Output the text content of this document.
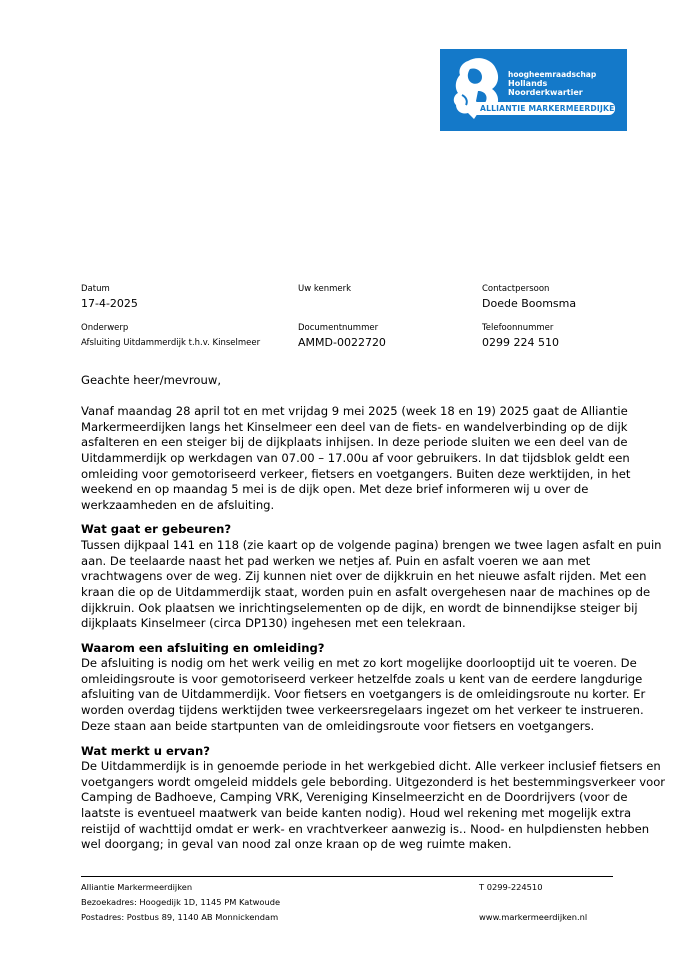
hoogheemraadschap
Hollands
Noorderkwartier
ALLIANTIE MARKERMEERDIJKEN
Datum
17-4-2025
Uw kenmerk	Contactpersoon
Doede Boomsma
Onderwerp
Afsluiting Uitdammerdijk t.h.v. Kinselmeer
Documentnummer
AMMD-0022720
Telefoonnummer
0299 224 510
Geachte heer/mevrouw,
Vanaf maandag 28 april tot en met vrijdag 9 mei 2025 (week 18 en 19) 2025 gaat de Alliantie
Markermeerdijken langs het Kinselmeer een deel van de fiets- en wandelverbinding op de dijk
asfalteren en een steiger bij de dijkplaats inhijsen. In deze periode sluiten we een deel van de
Uitdammerdijk op werkdagen van 07.00 – 17.00u af voor gebruikers. In dat tijdsblok geldt een
omleiding voor gemotoriseerd verkeer, fietsers en voetgangers. Buiten deze werktijden, in het
weekend en op maandag 5 mei is de dijk open. Met deze brief informeren wij u over de
werkzaamheden en de afsluiting.
Wat gaat er gebeuren?
Tussen dijkpaal 141 en 118 (zie kaart op de volgende pagina) brengen we twee lagen asfalt en puin
aan. De teelaarde naast het pad werken we netjes af. Puin en asfalt voeren we aan met
vrachtwagens over de weg. Zij kunnen niet over de dijkkruin en het nieuwe asfalt rijden. Met een
kraan die op de Uitdammerdijk staat, worden puin en asfalt overgehesen naar de machines op de
dijkkruin. Ook plaatsen we inrichtingselementen op de dijk, en wordt de binnendijkse steiger bij
dijkplaats Kinselmeer (circa DP130) ingehesen met een telekraan.
Waarom een afsluiting en omleiding?
De afsluiting is nodig om het werk veilig en met zo kort mogelijke doorlooptijd uit te voeren. De
omleidingsroute is voor gemotoriseerd verkeer hetzelfde zoals u kent van de eerdere langdurige
afsluiting van de Uitdammerdijk. Voor fietsers en voetgangers is de omleidingsroute nu korter. Er
worden overdag tijdens werktijden twee verkeersregelaars ingezet om het verkeer te instrueren.
Deze staan aan beide startpunten van de omleidingsroute voor fietsers en voetgangers.
Wat merkt u ervan?
De Uitdammerdijk is in genoemde periode in het werkgebied dicht. Alle verkeer inclusief fietsers en
voetgangers wordt omgeleid middels gele bebording. Uitgezonderd is het bestemmingsverkeer voor
Camping de Badhoeve, Camping VRK, Vereniging Kinselmeerzicht en de Doordrijvers (voor de
laatste is eventueel maatwerk van beide kanten nodig). Houd wel rekening met mogelijk extra
reistijd of wachttijd omdat er werk- en vrachtverkeer aanwezig is.. Nood- en hulpdiensten hebben
wel doorgang; in geval van nood zal onze kraan op de weg ruimte maken.
Alliantie Markermeerdijken
Bezoekadres: Hoogedijk 1D, 1145 PM Katwoude
Postadres: Postbus 89, 1140 AB Monnickendam
T 0299-224510
www.markermeerdijken.nl
